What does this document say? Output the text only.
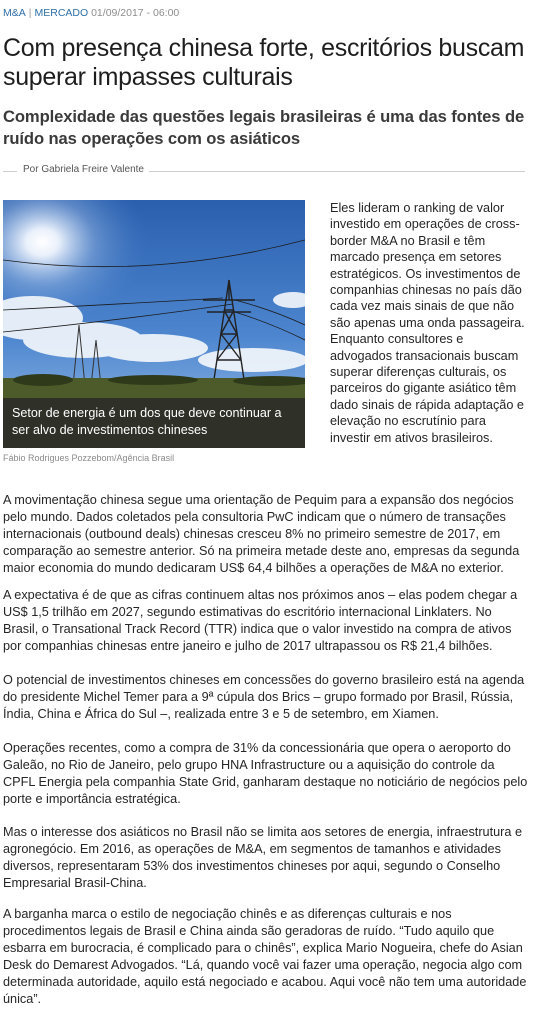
M&A | MERCADO 01/09/2017 - 06:00
Com presença chinesa forte, escritórios buscam superar impasses culturais
Complexidade das questões legais brasileiras é uma das fontes de ruído nas operações com os asiáticos
Por Gabriela Freire Valente
Setor de energia é um dos que deve continuar a ser alvo de investimentos chineses
Fábio Rodrigues Pozzebom/Agência Brasil

Eles lideram o ranking de valor investido em operações de cross-border M&A no Brasil e têm marcado presença em setores estratégicos. Os investimentos de companhias chinesas no país dão cada vez mais sinais de que não são apenas uma onda passageira. Enquanto consultores e advogados transacionais buscam superar diferenças culturais, os parceiros do gigante asiático têm dado sinais de rápida adaptação e elevação no escrutínio para investir em ativos brasileiros.

A movimentação chinesa segue uma orientação de Pequim para a expansão dos negócios pelo mundo. Dados coletados pela consultoria PwC indicam que o número de transações internacionais (outbound deals) chinesas cresceu 8% no primeiro semestre de 2017, em comparação ao semestre anterior. Só na primeira metade deste ano, empresas da segunda maior economia do mundo dedicaram US$ 64,4 bilhões a operações de M&A no exterior.

A expectativa é de que as cifras continuem altas nos próximos anos – elas podem chegar a US$ 1,5 trilhão em 2027, segundo estimativas do escritório internacional Linklaters. No Brasil, o Transational Track Record (TTR) indica que o valor investido na compra de ativos por companhias chinesas entre janeiro e julho de 2017 ultrapassou os R$ 21,4 bilhões.

O potencial de investimentos chineses em concessões do governo brasileiro está na agenda do presidente Michel Temer para a 9ª cúpula dos Brics – grupo formado por Brasil, Rússia, Índia, China e África do Sul –, realizada entre 3 e 5 de setembro, em Xiamen.

Operações recentes, como a compra de 31% da concessionária que opera o aeroporto do Galeão, no Rio de Janeiro, pelo grupo HNA Infrastructure ou a aquisição do controle da CPFL Energia pela companhia State Grid, ganharam destaque no noticiário de negócios pelo porte e importância estratégica.

Mas o interesse dos asiáticos no Brasil não se limita aos setores de energia, infraestrutura e agronegócio. Em 2016, as operações de M&A, em segmentos de tamanhos e atividades diversos, representaram 53% dos investimentos chineses por aqui, segundo o Conselho Empresarial Brasil-China.

A barganha marca o estilo de negociação chinês e as diferenças culturais e nos procedimentos legais de Brasil e China ainda são geradoras de ruído. “Tudo aquilo que esbarra em burocracia, é complicado para o chinês”, explica Mario Nogueira, chefe do Asian Desk do Demarest Advogados. “Lá, quando você vai fazer uma operação, negocia algo com determinada autoridade, aquilo está negociado e acabou. Aqui você não tem uma autoridade única”.
